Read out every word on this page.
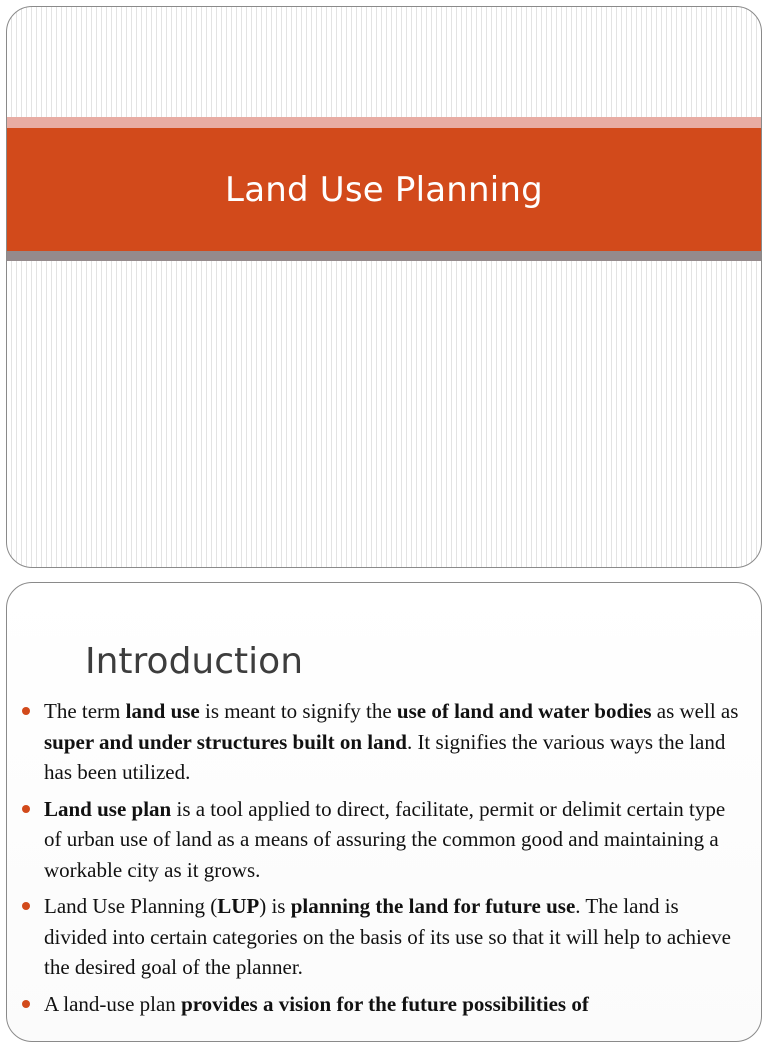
Land Use Planning
Introduction
The term land use is meant to signify the use of land and water bodies as well as super and under structures built on land. It signifies the various ways the land has been utilized.
Land use plan is a tool applied to direct, facilitate, permit or delimit certain type of urban use of land as a means of assuring the common good and maintaining a workable city as it grows.
Land Use Planning (LUP) is planning the land for future use. The land is divided into certain categories on the basis of its use so that it will help to achieve the desired goal of the planner.
A land-use plan provides a vision for the future possibilities of
